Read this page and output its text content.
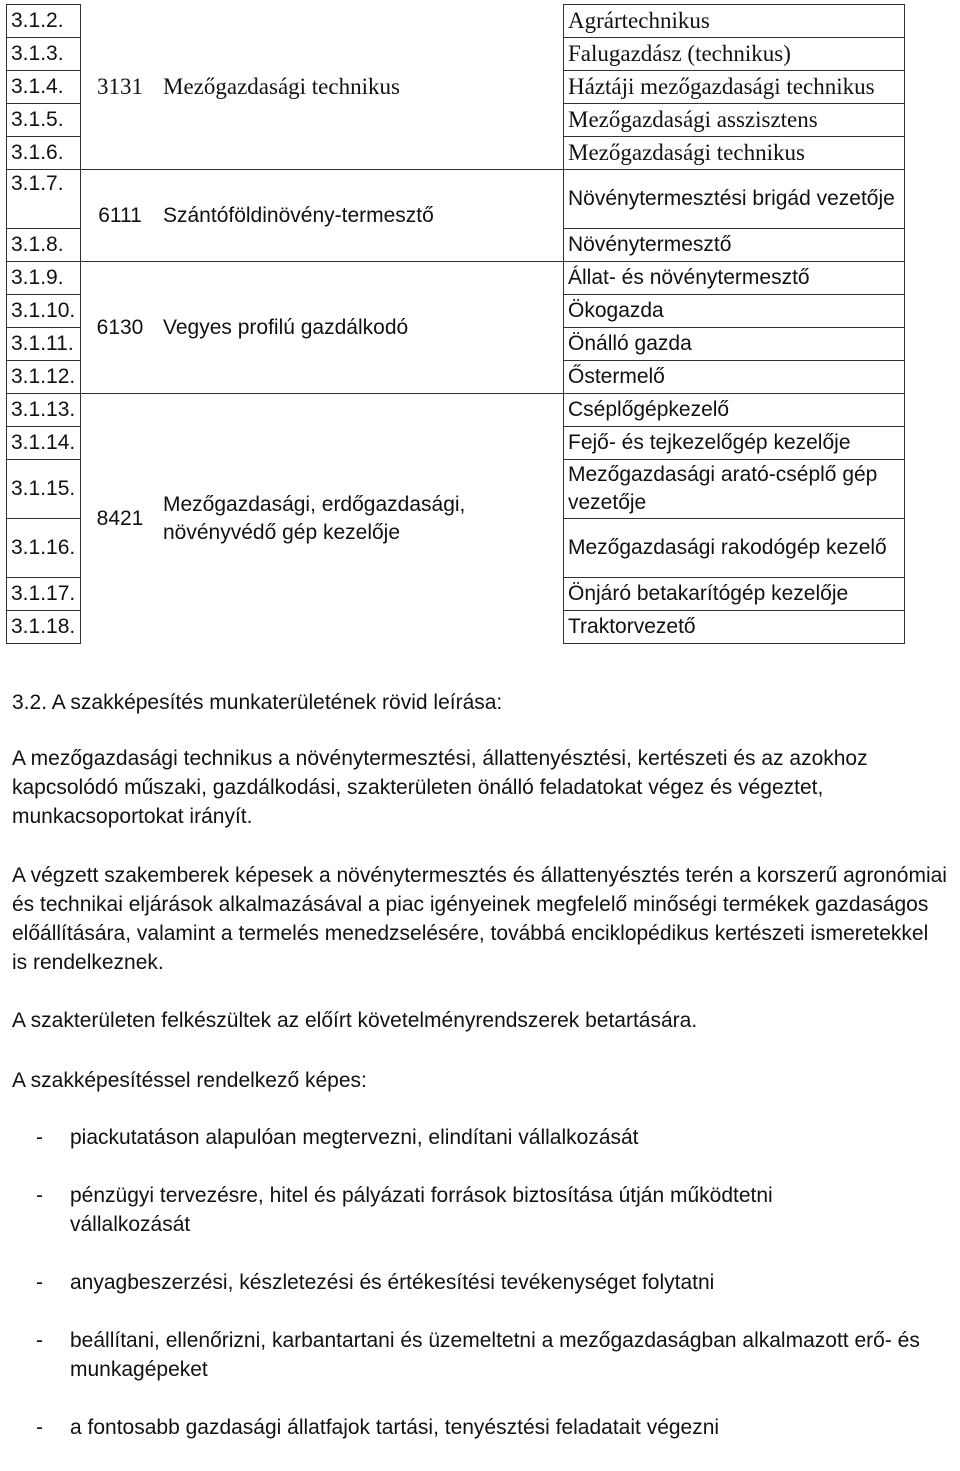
3.1.2.	3131	Mezőgazdasági technikus	Agrártechnikus
3.1.3.			Falugazdász (technikus)
3.1.4.			Háztáji mezőgazdasági technikus
3.1.5.			Mezőgazdasági asszisztens
3.1.6.			Mezőgazdasági technikus
3.1.7.	6111	Szántóföldinövény-termesztő	Növénytermesztési brigád vezetője
3.1.8.			Növénytermesztő
3.1.9.	6130	Vegyes profilú gazdálkodó	Állat- és növénytermesztő
3.1.10.			Ökogazda
3.1.11.			Önálló gazda
3.1.12.			Őstermelő
3.1.13.	8421	Mezőgazdasági, erdőgazdasági, növényvédő gép kezelője	Cséplőgépkezelő
3.1.14.			Fejő- és tejkezelőgép kezelője
3.1.15.			Mezőgazdasági arató-cséplő gép vezetője
3.1.16.			Mezőgazdasági rakodógép kezelő
3.1.17.			Önjáró betakarítógép kezelője
3.1.18.			Traktorvezető
3.2. A szakképesítés munkaterületének rövid leírása:
A mezőgazdasági technikus a növénytermesztési, állattenyésztési, kertészeti és az azokhoz kapcsolódó műszaki, gazdálkodási, szakterületen önálló feladatokat végez és végeztet, munkacsoportokat irányít.
A végzett szakemberek képesek a növénytermesztés és állattenyésztés terén a korszerű agronómiai és technikai eljárások alkalmazásával a piac igényeinek megfelelő minőségi termékek gazdaságos előállítására, valamint a termelés menedzselésére, továbbá enciklopédikus kertészeti ismeretekkel is rendelkeznek.
A szakterületen felkészültek az előírt követelményrendszerek betartására.
A szakképesítéssel rendelkező képes:
- piackutatáson alapulóan megtervezni, elindítani vállalkozását
- pénzügyi tervezésre, hitel és pályázati források biztosítása útján működtetni vállalkozását
- anyagbeszerzési, készletezési és értékesítési tevékenységet folytatni
- beállítani, ellenőrizni, karbantartani és üzemeltetni a mezőgazdaságban alkalmazott erő- és munkagépeket
- a fontosabb gazdasági állatfajok tartási, tenyésztési feladatait végezni
